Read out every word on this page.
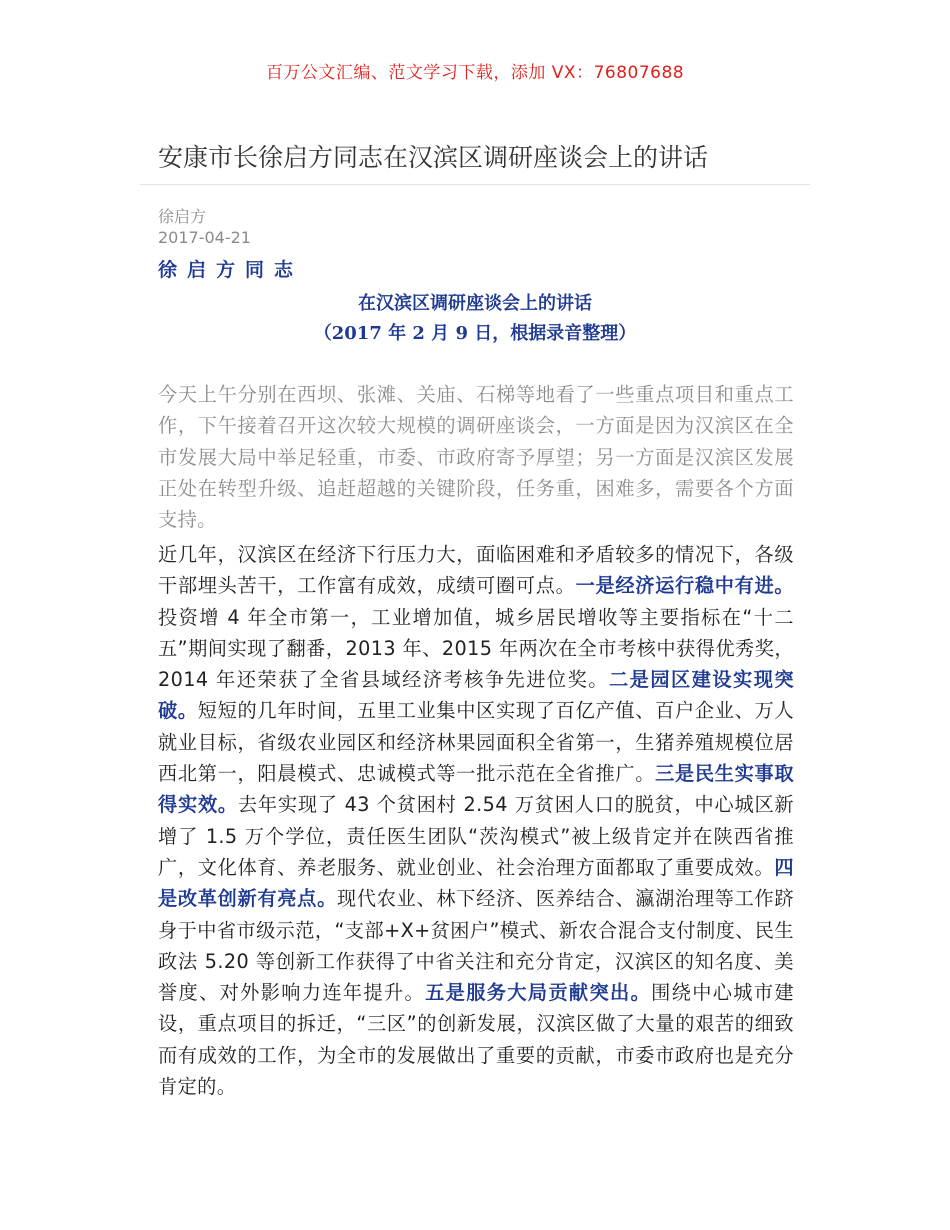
百万公文汇编、范文学习下载，添加 VX：76807688
安康市长徐启方同志在汉滨区调研座谈会上的讲话
徐启方
2017-04-21
徐启方同志
在汉滨区调研座谈会上的讲话
（2017 年 2 月 9 日，根据录音整理）

今天上午分别在西坝、张滩、关庙、石梯等地看了一些重点项目和重点工作，下午接着召开这次较大规模的调研座谈会，一方面是因为汉滨区在全市发展大局中举足轻重，市委、市政府寄予厚望；另一方面是汉滨区发展正处在转型升级、追赶超越的关键阶段，任务重，困难多，需要各个方面支持。

近几年，汉滨区在经济下行压力大，面临困难和矛盾较多的情况下，各级干部埋头苦干，工作富有成效，成绩可圈可点。一是经济运行稳中有进。投资增 4 年全市第一，工业增加值，城乡居民增收等主要指标在“十二五”期间实现了翻番，2013 年、2015 年两次在全市考核中获得优秀奖，2014 年还荣获了全省县域经济考核争先进位奖。二是园区建设实现突破。短短的几年时间，五里工业集中区实现了百亿产值、百户企业、万人就业目标，省级农业园区和经济林果园面积全省第一，生猪养殖规模位居西北第一，阳晨模式、忠诚模式等一批示范在全省推广。三是民生实事取得实效。去年实现了 43 个贫困村 2.54 万贫困人口的脱贫，中心城区新增了 1.5 万个学位，责任医生团队“茨沟模式”被上级肯定并在陕西省推广，文化体育、养老服务、就业创业、社会治理方面都取了重要成效。四是改革创新有亮点。现代农业、林下经济、医养结合、瀛湖治理等工作跻身于中省市级示范，“支部+X+贫困户”模式、新农合混合支付制度、民生政法 5.20 等创新工作获得了中省关注和充分肯定，汉滨区的知名度、美誉度、对外影响力连年提升。五是服务大局贡献突出。围绕中心城市建设，重点项目的拆迁，“三区”的创新发展，汉滨区做了大量的艰苦的细致而有成效的工作，为全市的发展做出了重要的贡献，市委市政府也是充分肯定的。
